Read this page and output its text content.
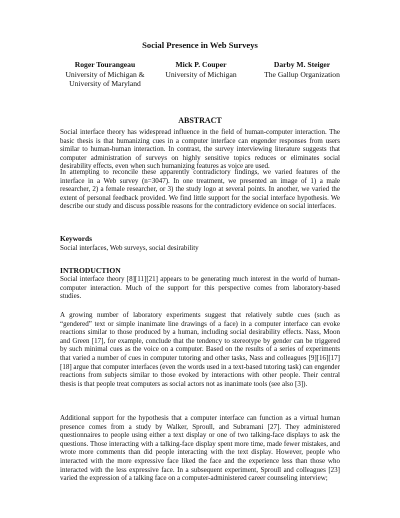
Social Presence in Web Surveys
Roger Tourangeau
University of Michigan &
University of Maryland
Mick P. Couper
University of Michigan
Darby M. Steiger
The Gallup Organization
ABSTRACT

Social interface theory has widespread influence in the field of human-computer interaction. The basic thesis is that humanizing cues in a computer interface can engender responses from users similar to human-human interaction. In contrast, the survey interviewing literature suggests that computer administration of surveys on highly sensitive topics reduces or eliminates social desirability effects, even when such humanizing features as voice are used.

In attempting to reconcile these apparently contradictory findings, we varied features of the interface in a Web survey (n=3047). In one treatment, we presented an image of 1) a male researcher, 2) a female researcher, or 3) the study logo at several points. In another, we varied the extent of personal feedback provided. We find little support for the social interface hypothesis. We describe our study and discuss possible reasons for the contradictory evidence on social interfaces.

Keywords
Social interfaces, Web surveys, social desirability
INTRODUCTION

Social interface theory [8][11][21] appears to be generating much interest in the world of human-computer interaction. Much of the support for this perspective comes from laboratory-based studies.

A growing number of laboratory experiments suggest that relatively subtle cues (such as “gendered” text or simple inanimate line drawings of a face) in a computer interface can evoke reactions similar to those produced by a human, including social desirability effects. Nass, Moon and Green [17], for example, conclude that the tendency to stereotype by gender can be triggered by such minimal cues as the voice on a computer. Based on the results of a series of experiments that varied a number of cues in computer tutoring and other tasks, Nass and colleagues [9][16][17][18] argue that computer interfaces (even the words used in a text-based tutoring task) can engender reactions from subjects similar to those evoked by interactions with other people. Their central thesis is that people treat computers as social actors not as inanimate tools (see also [3]).

Additional support for the hypothesis that a computer interface can function as a virtual human presence comes from a study by Walker, Sproull, and Subramani [27]. They administered questionnaires to people using either a text display or one of two talking-face displays to ask the questions. Those interacting with a talking-face display spent more time, made fewer mistakes, and wrote more comments than did people interacting with the text display. However, people who interacted with the more expressive face liked the face and the experience less than those who interacted with the less expressive face. In a subsequent experiment, Sproull and colleagues [23] varied the expression of a talking face on a computer-administered career counseling interview;
